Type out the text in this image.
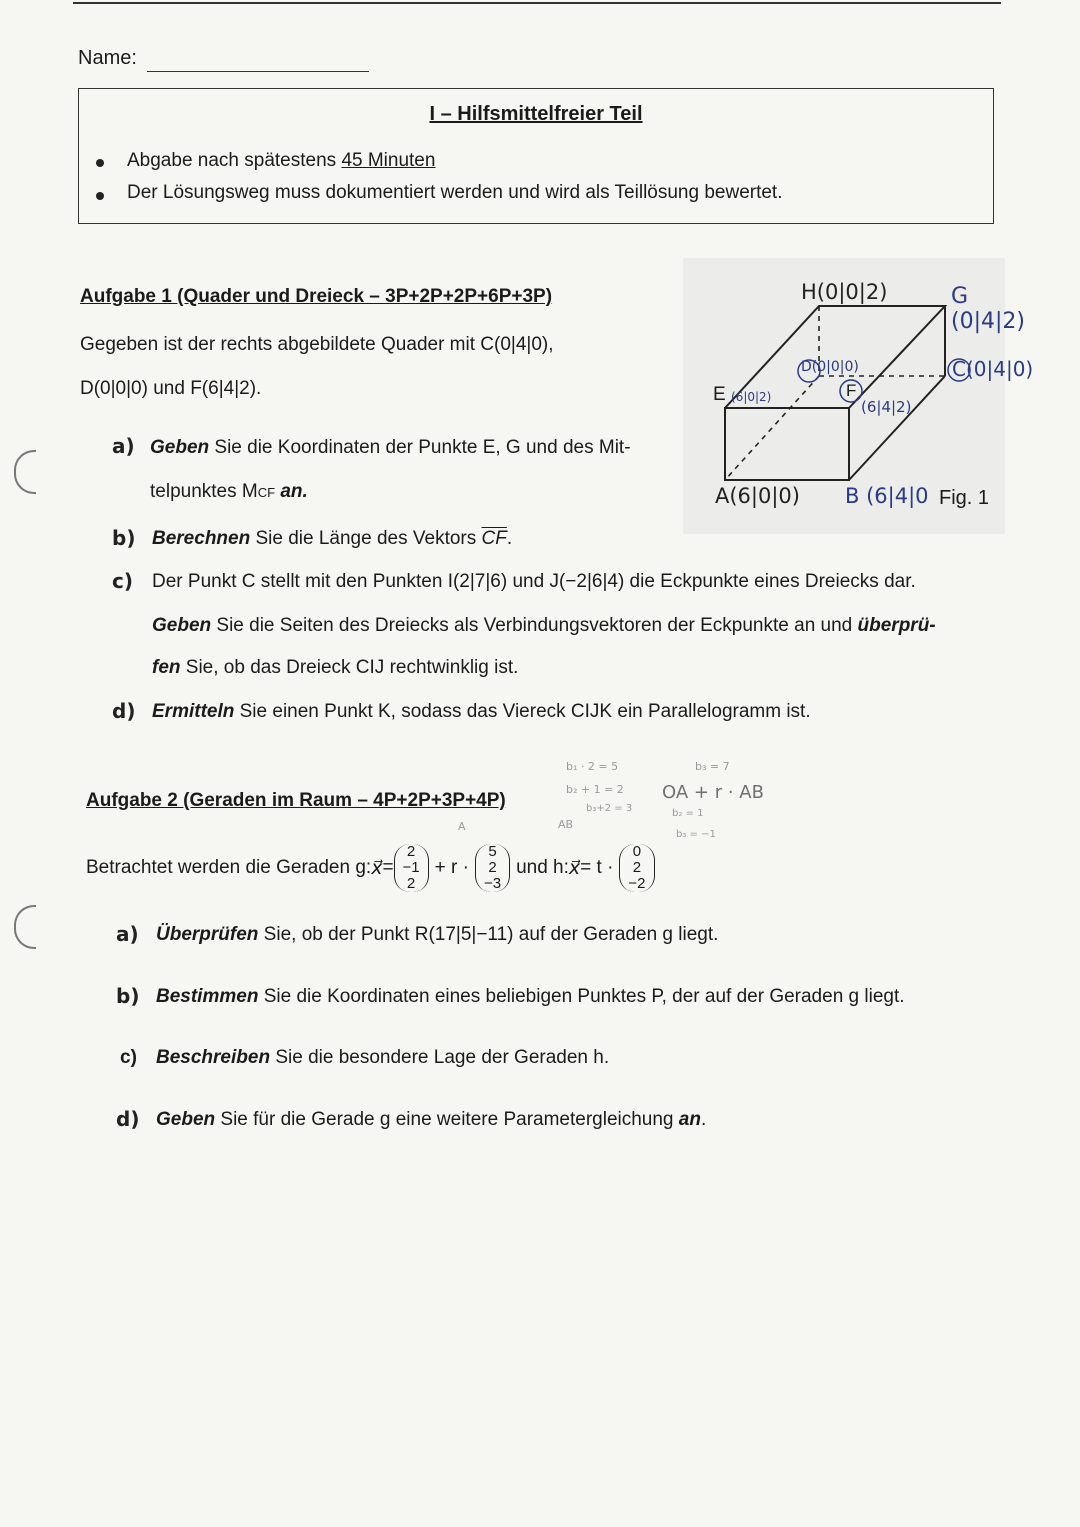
Name:
I – Hilfsmittelfreier Teil
Abgabe nach spätestens 45 Minuten
Der Lösungsweg muss dokumentiert werden und wird als Teillösung bewertet.
Aufgabe 1 (Quader und Dreieck – 3P+2P+2P+6P+3P)
Gegeben ist der rechts abgebildete Quader mit C(0|4|0),
D(0|0|0) und F(6|4|2).
a) Geben Sie die Koordinaten der Punkte E, G und des Mit-
telpunktes MCF an.
b) Berechnen Sie die Länge des Vektors $\overline{CF}$.
c) Der Punkt C stellt mit den Punkten I(2|7|6) und J(−2|6|4) die Eckpunkte eines Dreiecks dar.
Geben Sie die Seiten des Dreiecks als Verbindungsvektoren der Eckpunkte an und überprü-
fen Sie, ob das Dreieck CIJ rechtwinklig ist.
d) Ermitteln Sie einen Punkt K, sodass das Viereck CIJK ein Parallelogramm ist.
H(0|0|2)	G (0|4|2)
D(0|0|0)	C(0|4|0)
E (6|0|2)	F
(6|4|2)
A(6|0|0) B (6|4|0 Fig. 1
b₁ · 2 = 5
b₂ + 1 = 2
b₃ = 7
OA + r · AB
b₃+2 = 3	b₂ = 1
b₃ = −1
A	AB
Aufgabe 2 (Geraden im Raum – 4P+2P+3P+4P)
Betrachtet werden die Geraden g: x⃗ =
2
−1
2
+ r ·
5
2
−3
und h: x⃗ = t ·
0
2
−2
a) Überprüfen Sie, ob der Punkt R(17|5|−11) auf der Geraden g liegt.
b) Bestimmen Sie die Koordinaten eines beliebigen Punktes P, der auf der Geraden g liegt.
c) Beschreiben Sie die besondere Lage der Geraden h.
d) Geben Sie für die Gerade g eine weitere Parametergleichung an.
